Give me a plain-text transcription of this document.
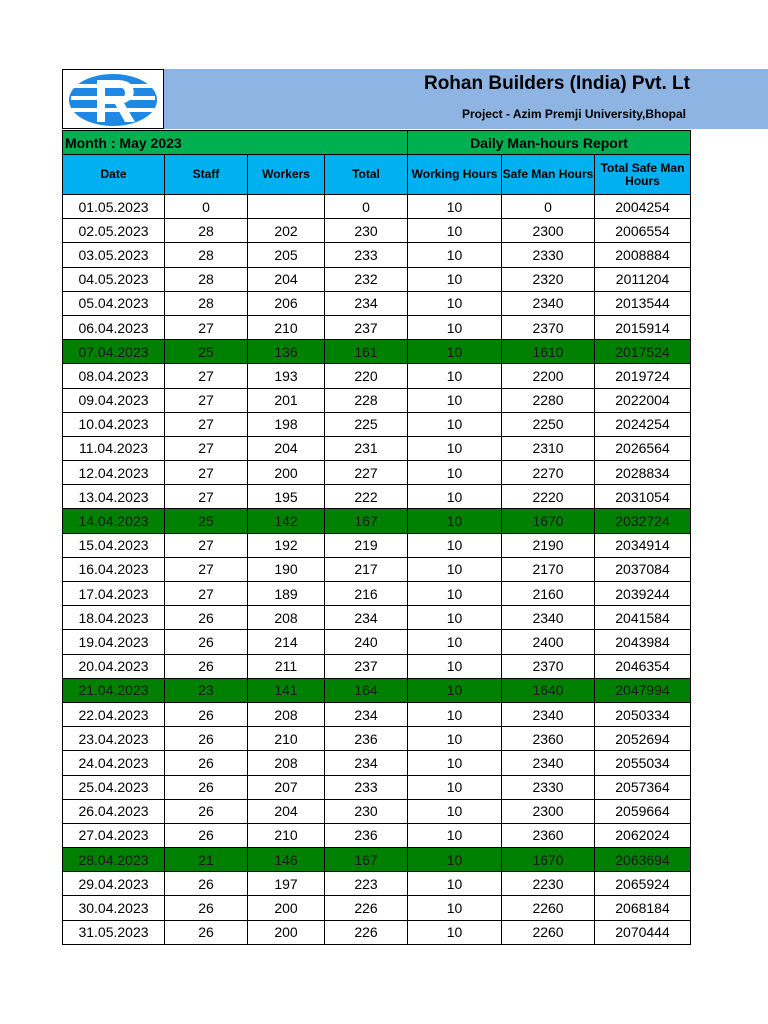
Rohan Builders (India) Pvt. Lt
Project - Azim Premji University,Bhopal
Month : May 2023				Daily Man-hours Report		
Date	Staff	Workers	Total	Working Hours	Safe Man Hours	Total Safe Man Hours
01.05.2023	0		0	10	0	2004254
02.05.2023	28	202	230	10	2300	2006554
03.05.2023	28	205	233	10	2330	2008884
04.05.2023	28	204	232	10	2320	2011204
05.04.2023	28	206	234	10	2340	2013544
06.04.2023	27	210	237	10	2370	2015914
07.04.2023	25	136	161	10	1610	2017524
08.04.2023	27	193	220	10	2200	2019724
09.04.2023	27	201	228	10	2280	2022004
10.04.2023	27	198	225	10	2250	2024254
11.04.2023	27	204	231	10	2310	2026564
12.04.2023	27	200	227	10	2270	2028834
13.04.2023	27	195	222	10	2220	2031054
14.04.2023	25	142	167	10	1670	2032724
15.04.2023	27	192	219	10	2190	2034914
16.04.2023	27	190	217	10	2170	2037084
17.04.2023	27	189	216	10	2160	2039244
18.04.2023	26	208	234	10	2340	2041584
19.04.2023	26	214	240	10	2400	2043984
20.04.2023	26	211	237	10	2370	2046354
21.04.2023	23	141	164	10	1640	2047994
22.04.2023	26	208	234	10	2340	2050334
23.04.2023	26	210	236	10	2360	2052694
24.04.2023	26	208	234	10	2340	2055034
25.04.2023	26	207	233	10	2330	2057364
26.04.2023	26	204	230	10	2300	2059664
27.04.2023	26	210	236	10	2360	2062024
28.04.2023	21	146	167	10	1670	2063694
29.04.2023	26	197	223	10	2230	2065924
30.04.2023	26	200	226	10	2260	2068184
31.05.2023	26	200	226	10	2260	2070444
